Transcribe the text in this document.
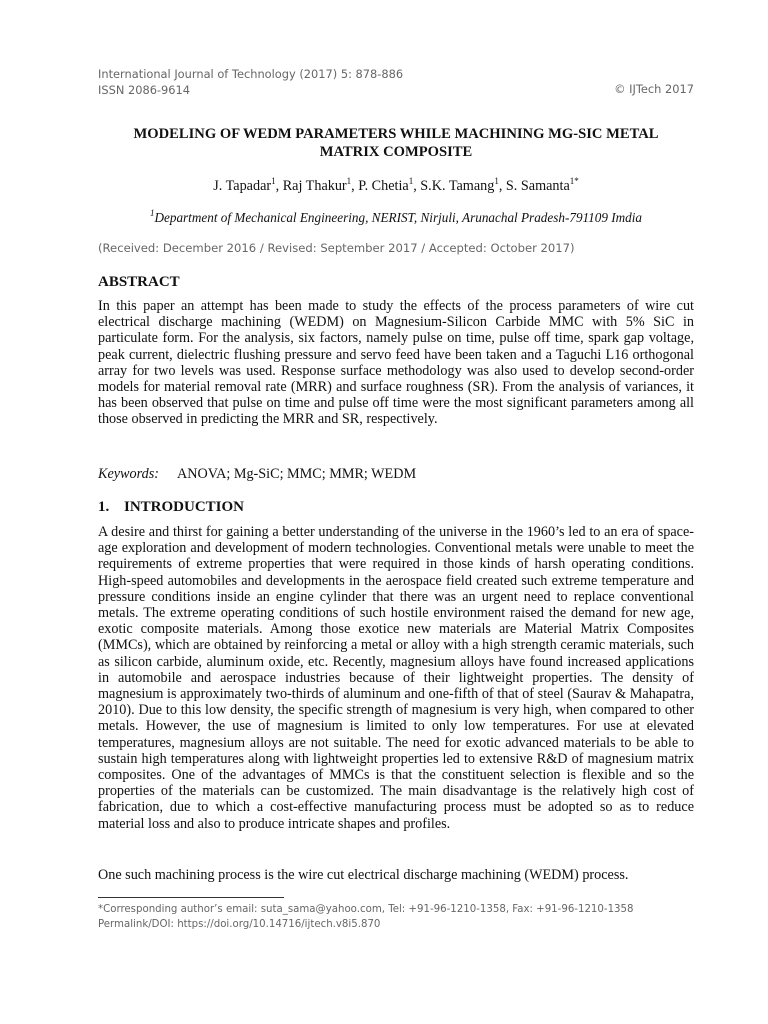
International Journal of Technology (2017) 5: 878-886
ISSN 2086-9614	© IJTech 2017
MODELING OF WEDM PARAMETERS WHILE MACHINING MG-SIC METAL
MATRIX COMPOSITE
J. Tapadar$^1$, Raj Thakur$^1$, P. Chetia$^1$, S.K. Tamang$^1$, S. Samanta$^{1*}$
$^1$Department of Mechanical Engineering, NERIST, Nirjuli, Arunachal Pradesh-791109 Imdia
(Received: December 2016 / Revised: September 2017 / Accepted: October 2017)
ABSTRACT
In this paper an attempt has been made to study the effects of the process parameters of wire cut electrical discharge machining (WEDM) on Magnesium-Silicon Carbide MMC with 5% SiC in particulate form. For the analysis, six factors, namely pulse on time, pulse off time, spark gap voltage, peak current, dielectric flushing pressure and servo feed have been taken and a Taguchi L16 orthogonal array for two levels was used. Response surface methodology was also used to develop second-order models for material removal rate (MRR) and surface roughness (SR). From the analysis of variances, it has been observed that pulse on time and pulse off time were the most significant parameters among all those observed in predicting the MRR and SR, respectively.
Keywords: ANOVA; Mg-SiC; MMC; MMR; WEDM
1. INTRODUCTION
A desire and thirst for gaining a better understanding of the universe in the 1960’s led to an era of space-age exploration and development of modern technologies. Conventional metals were unable to meet the requirements of extreme properties that were required in those kinds of harsh operating conditions. High-speed automobiles and developments in the aerospace field created such extreme temperature and pressure conditions inside an engine cylinder that there was an urgent need to replace conventional metals. The extreme operating conditions of such hostile environment raised the demand for new age, exotic composite materials. Among those exotice new materials are Material Matrix Composites (MMCs), which are obtained by reinforcing a metal or alloy with a high strength ceramic materials, such as silicon carbide, aluminum oxide, etc. Recently, magnesium alloys have found increased applications in automobile and aerospace industries because of their lightweight properties. The density of magnesium is approximately two-thirds of aluminum and one-fifth of that of steel (Saurav & Mahapatra, 2010). Due to this low density, the specific strength of magnesium is very high, when compared to other metals. However, the use of magnesium is limited to only low temperatures. For use at elevated temperatures, magnesium alloys are not suitable. The need for exotic advanced materials to be able to sustain high temperatures along with lightweight properties led to extensive R&D of magnesium matrix composites. One of the advantages of MMCs is that the constituent selection is flexible and so the properties of the materials can be customized. The main disadvantage is the relatively high cost of fabrication, due to which a cost-effective manufacturing process must be adopted so as to reduce material loss and also to produce intricate shapes and profiles.
One such machining process is the wire cut electrical discharge machining (WEDM) process.
*Corresponding author’s email: suta_sama@yahoo.com, Tel: +91-96-1210-1358, Fax: +91-96-1210-1358
Permalink/DOI: https://doi.org/10.14716/ijtech.v8i5.870
